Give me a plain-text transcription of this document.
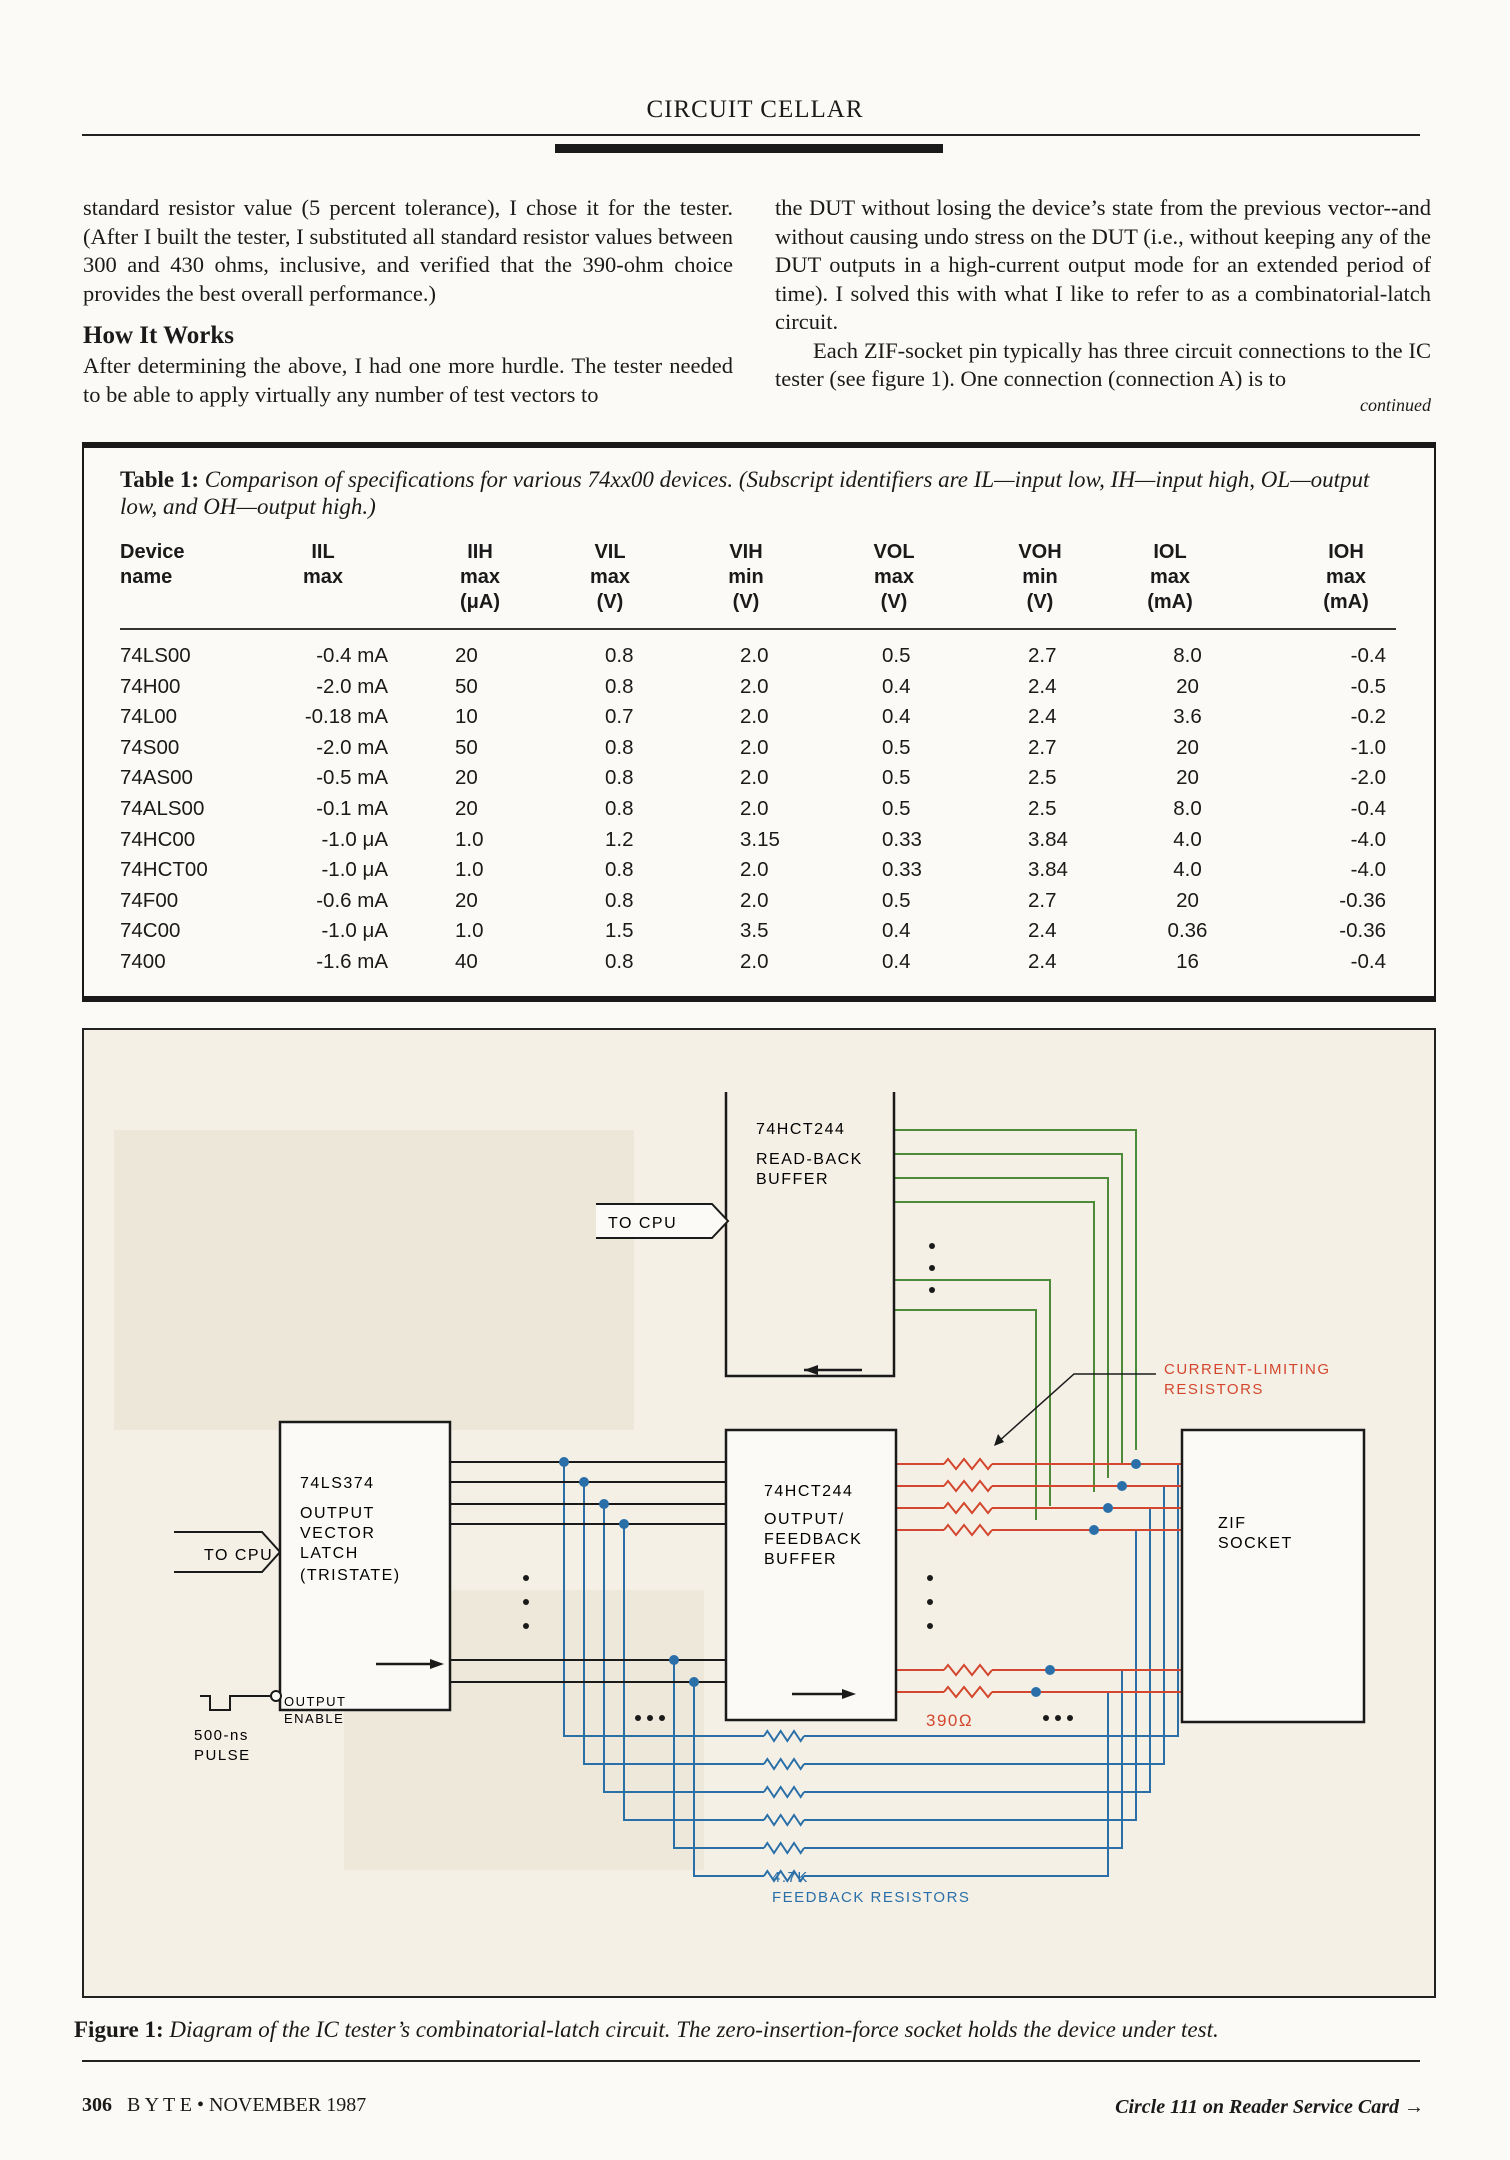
CIRCUIT CELLAR

standard resistor value (5 percent tolerance), I chose it for the tester. (After I built the tester, I substituted all standard resistor values between 300 and 430 ohms, inclusive, and verified that the 390-ohm choice provides the best overall performance.)

How It Works

After determining the above, I had one more hurdle. The tester needed to be able to apply virtually any number of test vectors to

the DUT without losing the device’s state from the previous vector--and without causing undo stress on the DUT (i.e., without keeping any of the DUT outputs in a high-current output mode for an extended period of time). I solved this with what I like to refer to as a combinatorial-latch circuit.

Each ZIF-socket pin typically has three circuit connections to the IC tester (see figure 1). One connection (connection A) is to

continued

Table 1: Comparison of specifications for various 74xx00 devices. (Subscript identifiers are IL—input low, IH—input high, OL—output low, and OH—output high.)
Device
name

IIL
max

IIH
max
(μA)
VIL
max
(V)
VIH
min
(V)
VOL
max
(V)
VOH
min
(V)
IOL
max
(mA)
IOH
max
(mA)
74LS00
74H00
74L00
74S00
74AS00
74ALS00
74HC00
74HCT00
74F00
74C00
7400
-0.4 mA
-2.0 mA
-0.18 mA
-2.0 mA
-0.5 mA
-0.1 mA
-1.0 μA
-1.0 μA
-0.6 mA
-1.0 μA
-1.6 mA
20
50
10
50
20
20
1.0
1.0
20
1.0
40
0.8
0.8
0.7
0.8
0.8
0.8
1.2
0.8
0.8
1.5
0.8
2.0
2.0
2.0
2.0
2.0
2.0
3.15
2.0
2.0
3.5
2.0
0.5
0.4
0.4
0.5
0.5
0.5
0.33
0.33
0.5
0.4
0.4
2.7
2.4
2.4
2.7
2.5
2.5
3.84
3.84
2.7
2.4
2.4
8.0
20
3.6
20
20
8.0
4.0
4.0
20
0.36
16
-0.4
-0.5
-0.2
-1.0
-2.0
-0.4
-4.0
-4.0
-0.36
-0.36
-0.4
74HCT244
READ-BACK
BUFFER
TO CPU
74LS374
OUTPUT
VECTOR
LATCH
(TRISTATE)
TO CPU
OUTPUT
ENABLE
500-ns
PULSE
74HCT244
OUTPUT/
FEEDBACK
BUFFER
ZIF
SOCKET
CURRENT-LIMITING
RESISTORS
390Ω
4.7K
FEEDBACK RESISTORS
Figure 1: Diagram of the IC tester’s combinatorial-latch circuit. The zero-insertion-force socket holds the device under test.
306 B Y T E • NOVEMBER 1987	Circle 111 on Reader Service Card →
